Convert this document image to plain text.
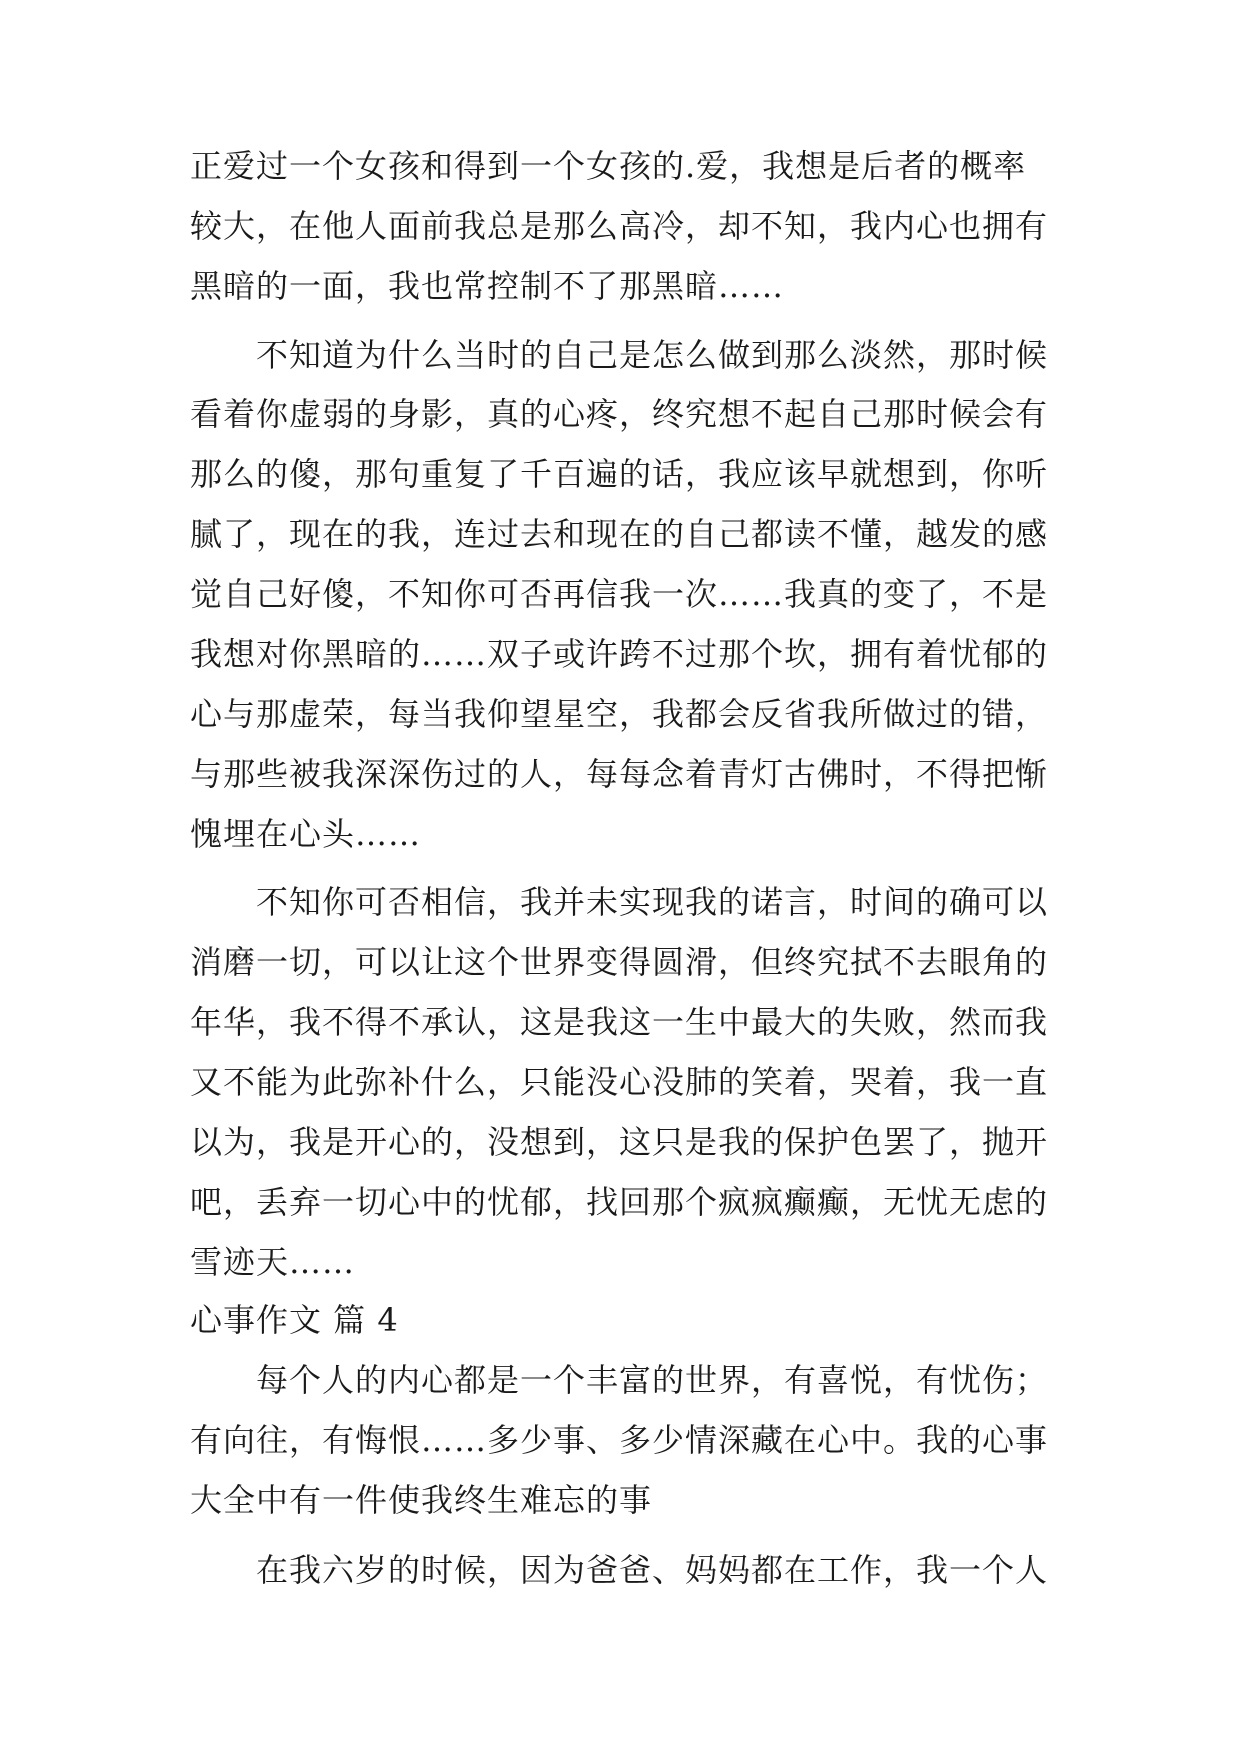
正爱过一个女孩和得到一个女孩的.爱，我想是后者的概率
较大，在他人面前我总是那么高冷，却不知，我内心也拥有
黑暗的一面，我也常控制不了那黑暗……
不知道为什么当时的自己是怎么做到那么淡然，那时候
看着你虚弱的身影，真的心疼，终究想不起自己那时候会有
那么的傻，那句重复了千百遍的话，我应该早就想到，你听
腻了，现在的我，连过去和现在的自己都读不懂，越发的感
觉自己好傻，不知你可否再信我一次……我真的变了，不是
我想对你黑暗的……双子或许跨不过那个坎，拥有着忧郁的
心与那虚荣，每当我仰望星空，我都会反省我所做过的错，
与那些被我深深伤过的人，每每念着青灯古佛时，不得把惭
愧埋在心头……
不知你可否相信，我并未实现我的诺言，时间的确可以
消磨一切，可以让这个世界变得圆滑，但终究拭不去眼角的
年华，我不得不承认，这是我这一生中最大的失败，然而我
又不能为此弥补什么，只能没心没肺的笑着，哭着，我一直
以为，我是开心的，没想到，这只是我的保护色罢了，抛开
吧，丢弃一切心中的忧郁，找回那个疯疯癫癫，无忧无虑的
雪迹天……
心事作文 篇 4
每个人的内心都是一个丰富的世界，有喜悦，有忧伤；
有向往，有悔恨……多少事、多少情深藏在心中。我的心事
大全中有一件使我终生难忘的事
在我六岁的时候，因为爸爸、妈妈都在工作，我一个人
